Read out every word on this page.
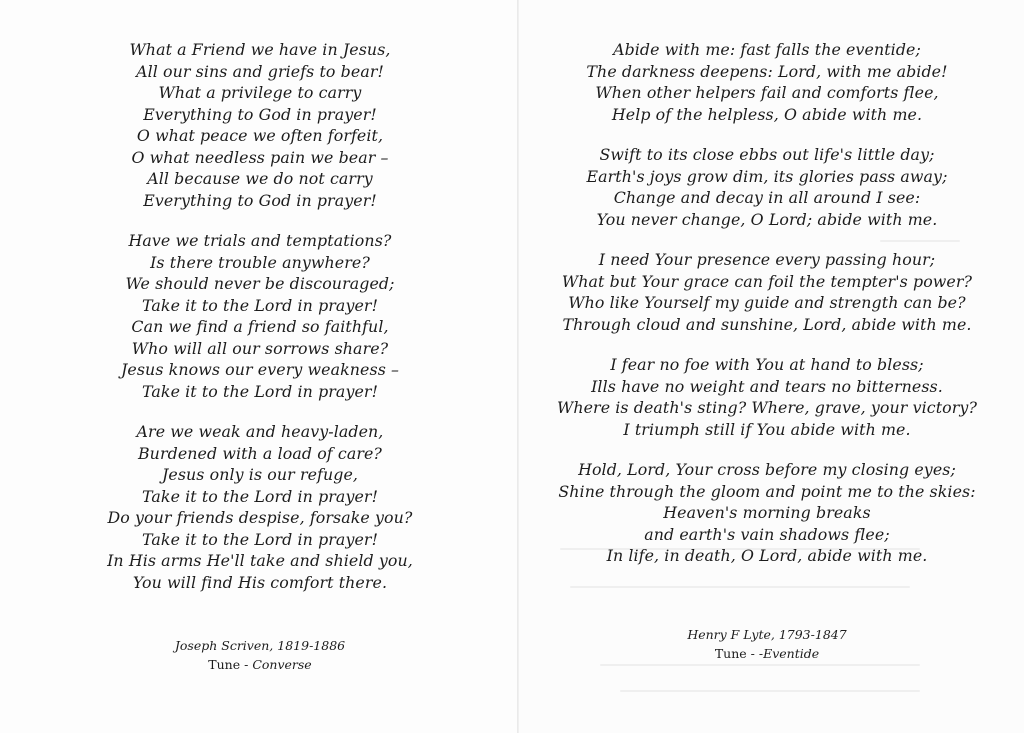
What a Friend we have in Jesus,
All our sins and griefs to bear!
What a privilege to carry
Everything to God in prayer!
O what peace we often forfeit,
O what needless pain we bear –
All because we do not carry
Everything to God in prayer!
Have we trials and temptations?
Is there trouble anywhere?
We should never be discouraged;
Take it to the Lord in prayer!
Can we find a friend so faithful,
Who will all our sorrows share?
Jesus knows our every weakness –
Take it to the Lord in prayer!
Are we weak and heavy-laden,
Burdened with a load of care?
Jesus only is our refuge,
Take it to the Lord in prayer!
Do your friends despise, forsake you?
Take it to the Lord in prayer!
In His arms He'll take and shield you,
You will find His comfort there.
Joseph Scriven, 1819-1886
Tune - Converse
Abide with me: fast falls the eventide;
The darkness deepens: Lord, with me abide!
When other helpers fail and comforts flee,
Help of the helpless, O abide with me.
Swift to its close ebbs out life's little day;
Earth's joys grow dim, its glories pass away;
Change and decay in all around I see:
You never change, O Lord; abide with me.
I need Your presence every passing hour;
What but Your grace can foil the tempter's power?
Who like Yourself my guide and strength can be?
Through cloud and sunshine, Lord, abide with me.
I fear no foe with You at hand to bless;
Ills have no weight and tears no bitterness.
Where is death's sting? Where, grave, your victory?
I triumph still if You abide with me.
Hold, Lord, Your cross before my closing eyes;
Shine through the gloom and point me to the skies:
Heaven's morning breaks
and earth's vain shadows flee;
In life, in death, O Lord, abide with me.
Henry F Lyte, 1793-1847
Tune - -Eventide
